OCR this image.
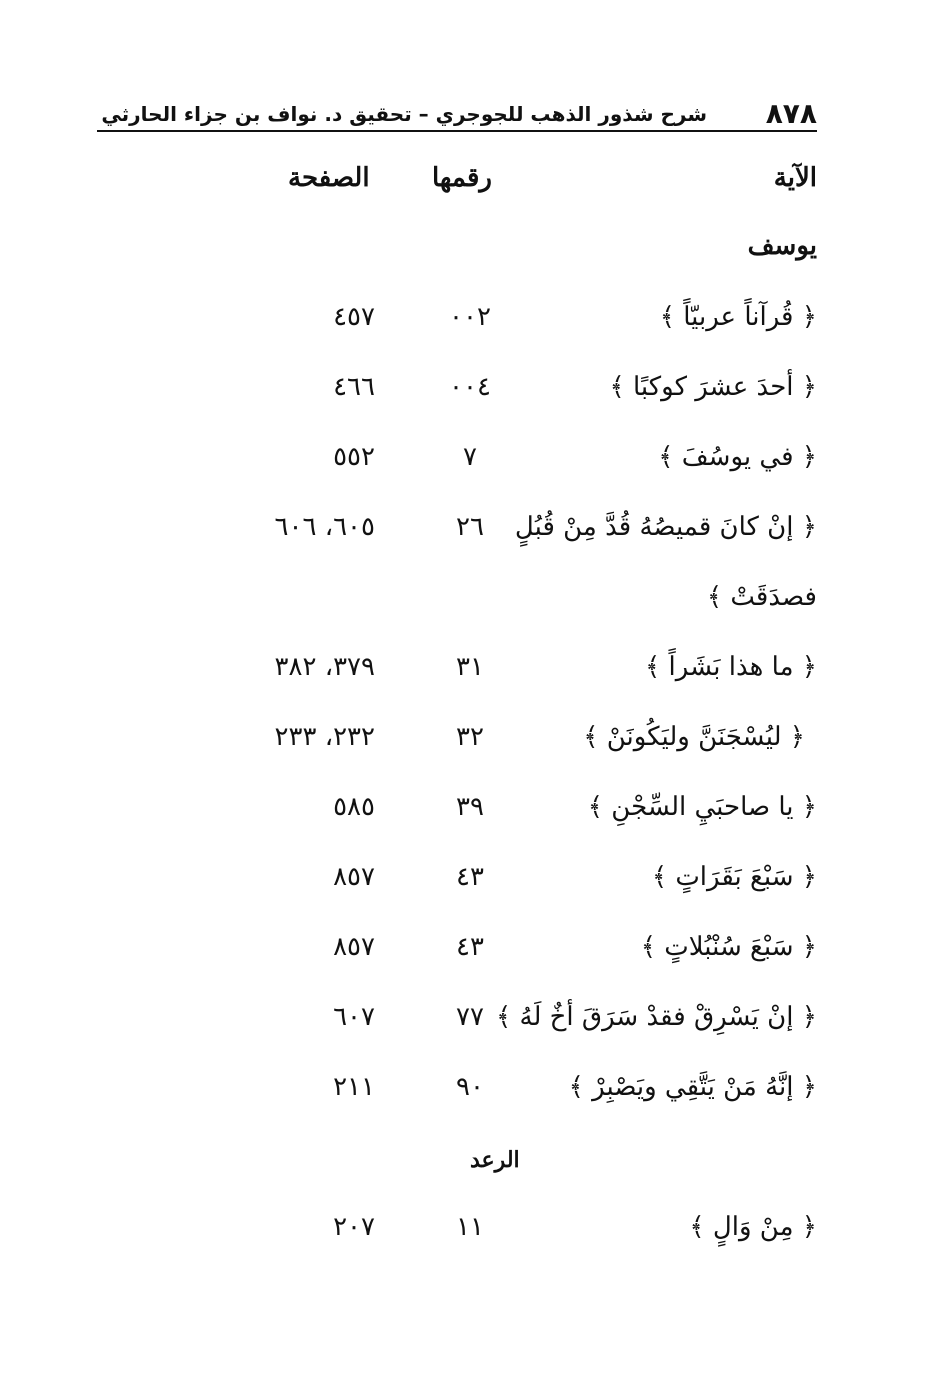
٨٧٨
شرح شذور الذهب للجوجري – تحقيق د. نواف بن جزاء الحارثي
الآية
رقمها
الصفحة
يوسف
﴿ قُرآناً عربيّاً ﴾
٠٠٢
٤٥٧
﴿ أحدَ عشرَ كوكبًا ﴾
٠٠٤
٤٦٦
﴿ في يوسُفَ ﴾
٧
٥٥٢
﴿ إنْ كانَ قميصُهُ قُدَّ مِنْ قُبُلٍ
٢٦
٦٠٥، ٦٠٦
فصدَقَتْ ﴾
﴿ ما هذا بَشَراً ﴾
٣١
٣٧٩، ٣٨٢
﴿ ليُسْجَنَنَّ وليَكُونَنْ ﴾
٣٢
٢٣٢، ٢٣٣
﴿ يا صاحبَيِ السِّجْنِ ﴾
٣٩
٥٨٥
﴿ سَبْعَ بَقَرَاتٍ ﴾
٤٣
٨٥٧
﴿ سَبْعَ سُنْبُلاتٍ ﴾
٤٣
٨٥٧
﴿ إنْ يَسْرِقْ فقدْ سَرَقَ أخٌ لَهُ ﴾
٧٧
٦٠٧
﴿ إنَّهُ مَنْ يَتَّقِي ويَصْبِرْ ﴾
٩٠
٢١١
الرعد
﴿ مِنْ وَالٍ ﴾
١١
٢٠٧
